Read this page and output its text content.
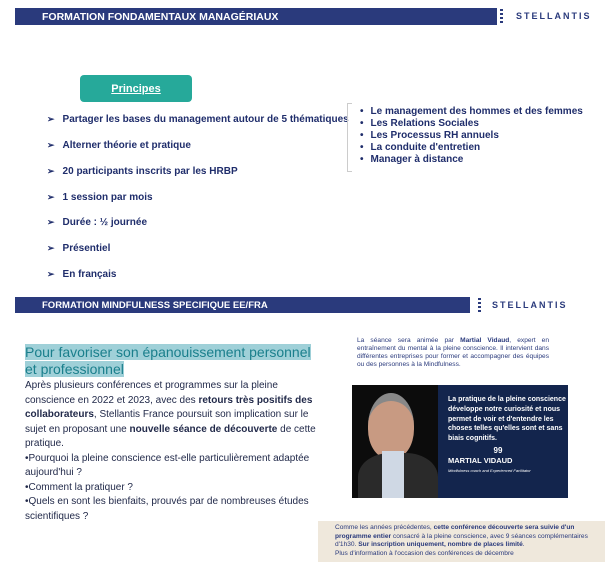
FORMATION FONDAMENTAUX MANAGÉRIAUX	STELLANTIS
Principes
➢ Partager les bases du management autour de 5 thématiques
➢ Alterner théorie et pratique
➢ 20 participants inscrits par les HRBP
➢ 1 session par mois
➢ Durée : ½ journée
➢ Présentiel
➢ En français
• Le management des hommes et des femmes
• Les Relations Sociales
• Les Processus RH annuels
• La conduite d'entretien
• Manager à distance
FORMATION MINDFULNESS SPECIFIQUE EE/FRA	STELLANTIS
Pour favoriser son épanouissement personnel et professionnel
Après plusieurs conférences et programmes sur la pleine conscience en 2022 et 2023, avec des retours très positifs des collaborateurs, Stellantis France poursuit son implication sur le sujet en proposant une nouvelle séance de découverte de cette pratique.
•Pourquoi la pleine conscience est-elle particulièrement adaptée aujourd'hui ?
•Comment la pratiquer ?
•Quels en sont les bienfaits, prouvés par de nombreuses études scientifiques ?
La séance sera animée par Martial Vidaud, expert en entraînement du mental à la pleine conscience. Il intervient dans différentes entreprises pour former et accompagner des équipes ou des personnes à la Mindfulness.
La pratique de la pleine conscience développe notre curiosité et nous permet de voir et d'entendre les choses telles qu'elles sont et sans biais cognitifs.
99
MARTIAL VIDAUD
Mindfulness coach and Experienced Facilitator
Comme les années précédentes, cette conférence découverte sera suivie d'un programme entier consacré à la pleine conscience, avec 9 séances complémentaires d'1h30. Sur inscription uniquement, nombre de places limité.
Plus d'information à l'occasion des conférences de décembre
